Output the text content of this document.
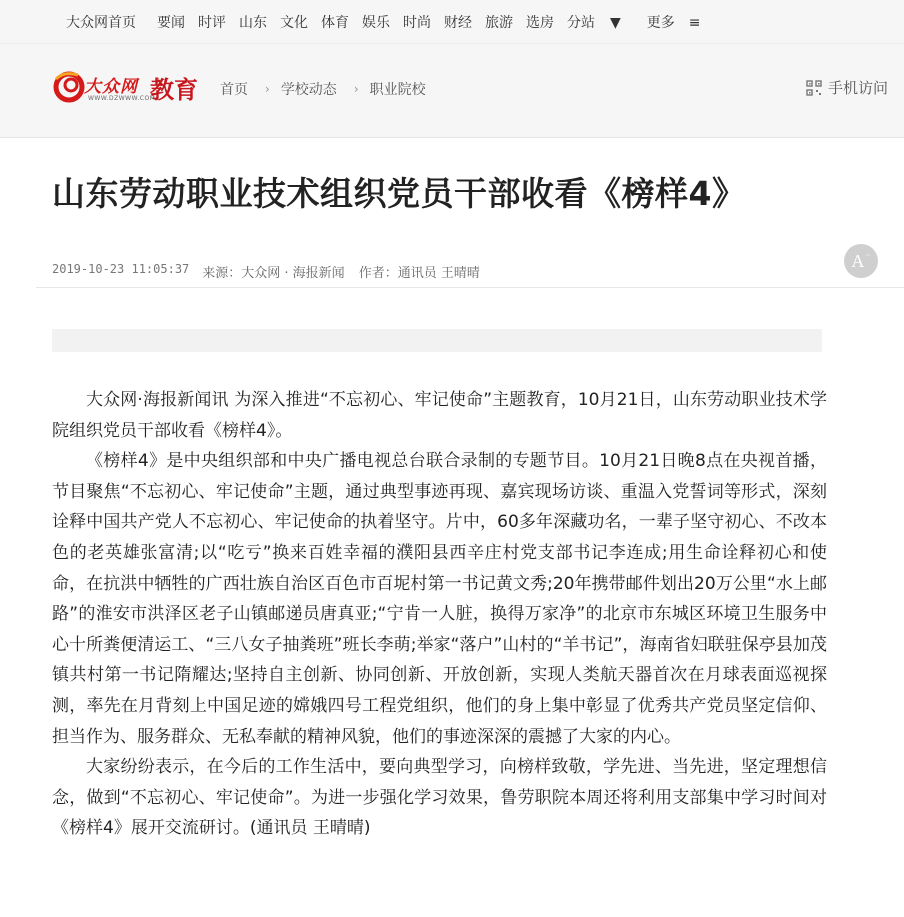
大众网首页 要闻 时评 山东 文化 体育 娱乐 时尚 财经 旅游 选房 分站 ▼	更多 ≡
大众网
WWW.DZWWW.COM
教育 首页 › 学校动态 › 职业院校	手机访问
山东劳动职业技术组织党员干部收看《榜样4》
2019-10-23 11:05:37 来源：大众网 · 海报新闻 作者：通讯员 王晴晴
A ⁻

大众网·海报新闻讯 为深入推进“不忘初心、牢记使命”主题教育，10月21日，山东劳动职业技术学院组织党员干部收看《榜样4》。

《榜样4》是中央组织部和中央广播电视总台联合录制的专题节目。10月21日晚8点在央视首播，节目聚焦“不忘初心、牢记使命”主题，通过典型事迹再现、嘉宾现场访谈、重温入党誓词等形式，深刻诠释中国共产党人不忘初心、牢记使命的执着坚守。片中，60多年深藏功名，一辈子坚守初心、不改本色的老英雄张富清;以“吃亏”换来百姓幸福的濮阳县西辛庄村党支部书记李连成;用生命诠释初心和使命，在抗洪中牺牲的广西壮族自治区百色市百坭村第一书记黄文秀;20年携带邮件划出20万公里“水上邮路”的淮安市洪泽区老子山镇邮递员唐真亚;“宁肯一人脏，换得万家净”的北京市东城区环境卫生服务中心十所粪便清运工、“三八女子抽粪班”班长李萌;举家“落户”山村的“羊书记”，海南省妇联驻保亭县加茂镇共村第一书记隋耀达;坚持自主创新、协同创新、开放创新，实现人类航天器首次在月球表面巡视探测，率先在月背刻上中国足迹的嫦娥四号工程党组织，他们的身上集中彰显了优秀共产党员坚定信仰、担当作为、服务群众、无私奉献的精神风貌，他们的事迹深深的震撼了大家的内心。

大家纷纷表示，在今后的工作生活中，要向典型学习，向榜样致敬，学先进、当先进，坚定理想信念，做到“不忘初心、牢记使命”。为进一步强化学习效果，鲁劳职院本周还将利用支部集中学习时间对《榜样4》展开交流研讨。(通讯员 王晴晴)
